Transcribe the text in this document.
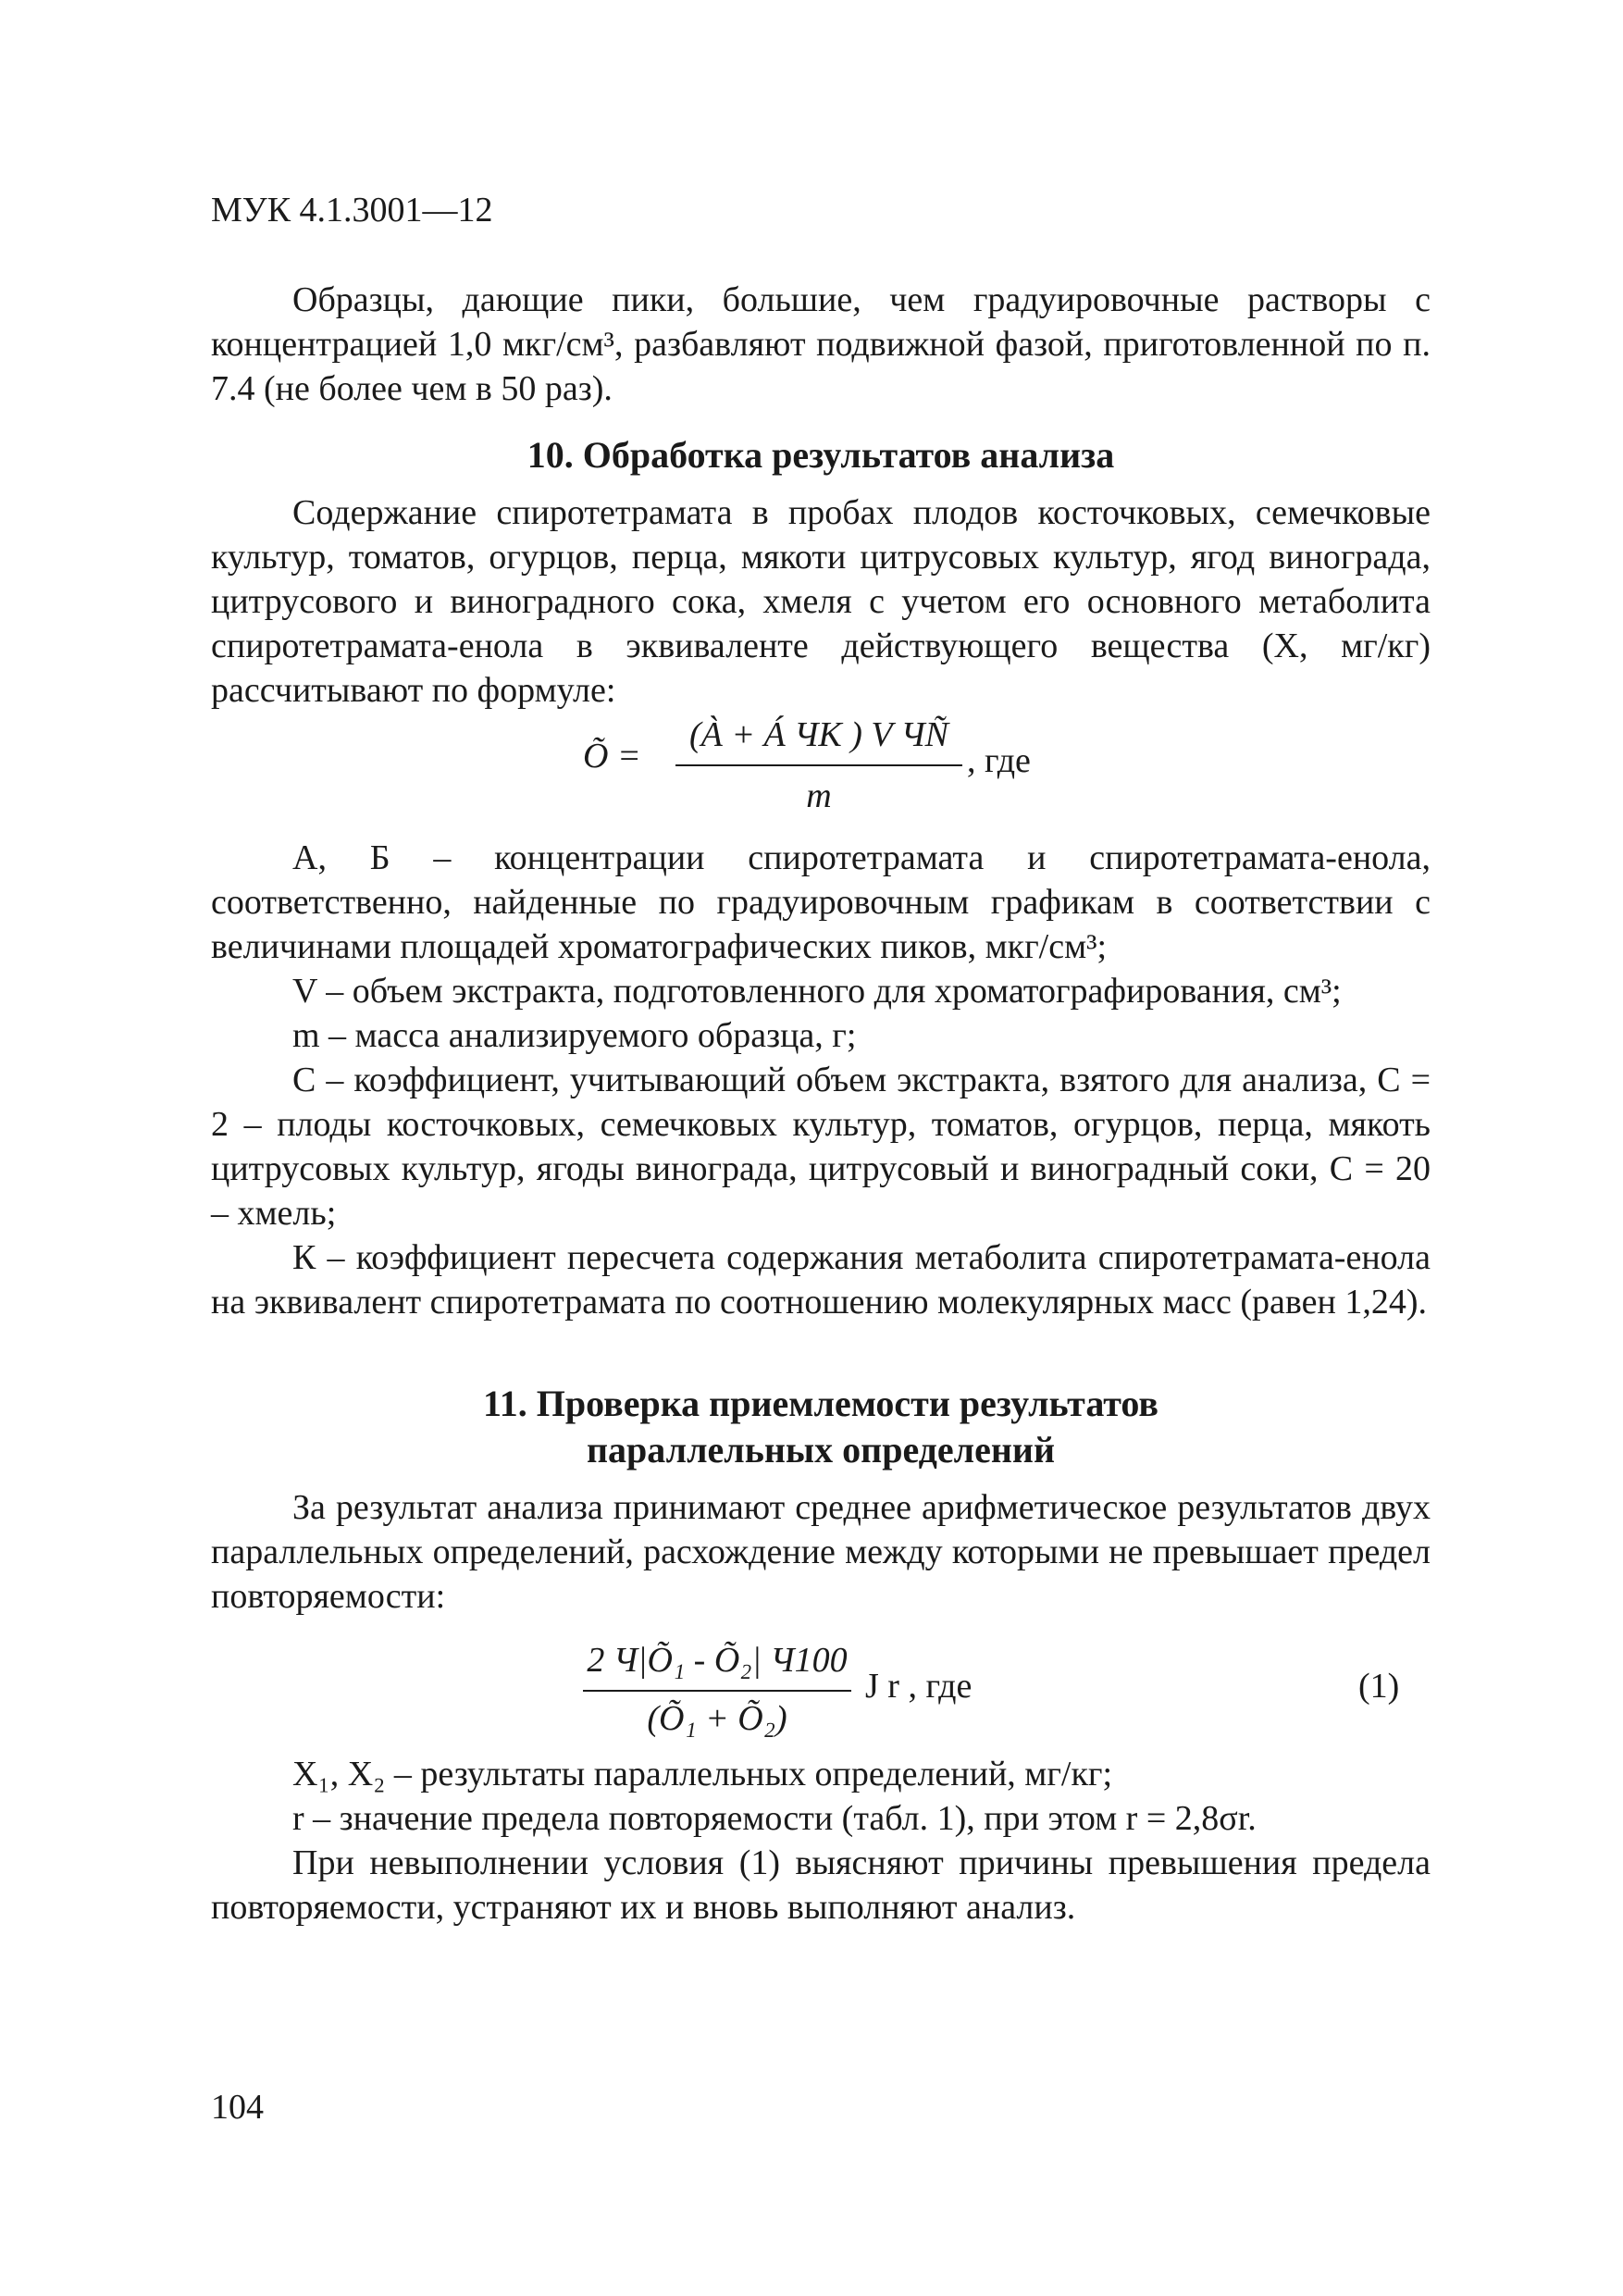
МУК 4.1.3001—12
Образцы, дающие пики, большие, чем градуировочные растворы с концентрацией 1,0 мкг/см³, разбавляют подвижной фазой, приготовленной по п. 7.4 (не более чем в 50 раз).
10. Обработка результатов анализа
Содержание спиротетрамата в пробах плодов косточковых, семечковые культур, томатов, огурцов, перца, мякоти цитрусовых культур, ягод винограда, цитрусового и виноградного сока, хмеля с учетом его основного метаболита спиротетрамата-енола в эквиваленте действующего вещества (X, мг/кг) рассчитывают по формуле:
Õ =
(À + Á ЧK ) V ЧÑ
m
, где

А, Б – концентрации спиротетрамата и спиротетрамата-енола, соответственно, найденные по градуировочным графикам в соответствии с величинами площадей хроматографических пиков, мкг/см³;

V – объем экстракта, подготовленного для хроматографирования, см³;

m – масса анализируемого образца, г;

С – коэффициент, учитывающий объем экстракта, взятого для анализа, С = 2 – плоды косточковых, семечковых культур, томатов, огурцов, перца, мякоть цитрусовых культур, ягоды винограда, цитрусовый и виноградный соки, С = 20 – хмель;

К – коэффициент пересчета содержания метаболита спиротетрамата-енола на эквивалент спиротетрамата по соотношению молекулярных масс (равен 1,24).

11. Проверка приемлемости результатов
параллельных определений
За результат анализа принимают среднее арифметическое результатов двух параллельных определений, расхождение между которыми не превышает предел повторяемости:
2 Ч|Õ₁ - Õ₂| Ч100
(Õ₁ + Õ₂)
J r , где	(1)

X₁, X₂ – результаты параллельных определений, мг/кг;

r – значение предела повторяемости (табл. 1), при этом r = 2,8σr.

При невыполнении условия (1) выясняют причины превышения предела повторяемости, устраняют их и вновь выполняют анализ.

104
